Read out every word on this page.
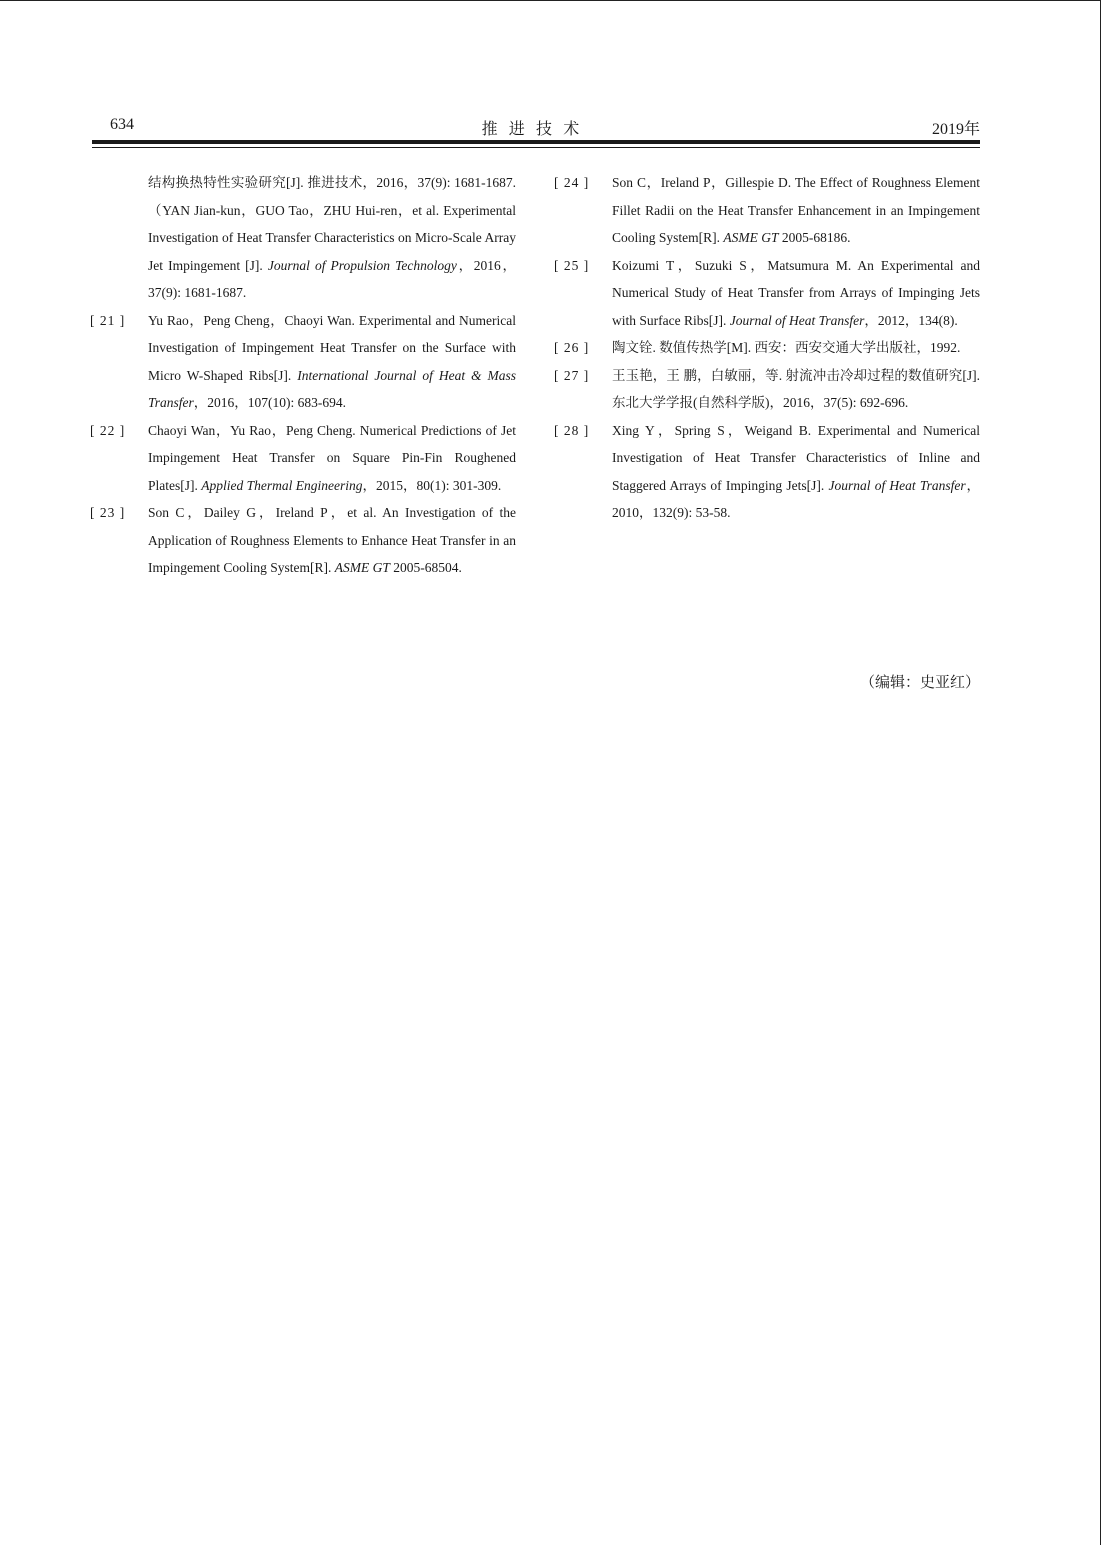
634	推进技术	2019年
结构换热特性实验研究[J]. 推进技术，2016，37(9): 1681-1687.（YAN Jian-kun，GUO Tao，ZHU Hui-ren，et al. Experimental Investigation of Heat Transfer Characteristics on Micro-Scale Array Jet Impingement [J]. Journal of Propulsion Technology，2016，37(9): 1681-1687.
[ 21 ]	Yu Rao，Peng Cheng，Chaoyi Wan. Experimental and Numerical Investigation of Impingement Heat Transfer on the Surface with Micro W-Shaped Ribs[J]. International Journal of Heat & Mass Transfer，2016，107(10): 683-694.
[ 22 ]	Chaoyi Wan，Yu Rao，Peng Cheng. Numerical Predictions of Jet Impingement Heat Transfer on Square Pin-Fin Roughened Plates[J]. Applied Thermal Engineering，2015，80(1): 301-309.
[ 23 ]	Son C，Dailey G，Ireland P，et al. An Investigation of the Application of Roughness Elements to Enhance Heat Transfer in an Impingement Cooling System[R]. ASME GT 2005-68504.
[ 24 ]	Son C，Ireland P，Gillespie D. The Effect of Roughness Element Fillet Radii on the Heat Transfer Enhancement in an Impingement Cooling System[R]. ASME GT 2005-68186.
[ 25 ]	Koizumi T，Suzuki S，Matsumura M. An Experimental and Numerical Study of Heat Transfer from Arrays of Impinging Jets with Surface Ribs[J]. Journal of Heat Transfer，2012，134(8).
[ 26 ]	陶文铨. 数值传热学[M]. 西安：西安交通大学出版社，1992.
[ 27 ]	王玉艳，王 鹏，白敏丽，等. 射流冲击冷却过程的数值研究[J]. 东北大学学报(自然科学版)，2016，37(5): 692-696.
[ 28 ]	Xing Y，Spring S，Weigand B. Experimental and Numerical Investigation of Heat Transfer Characteristics of Inline and Staggered Arrays of Impinging Jets[J]. Journal of Heat Transfer，2010，132(9): 53-58.
（编辑：史亚红）
